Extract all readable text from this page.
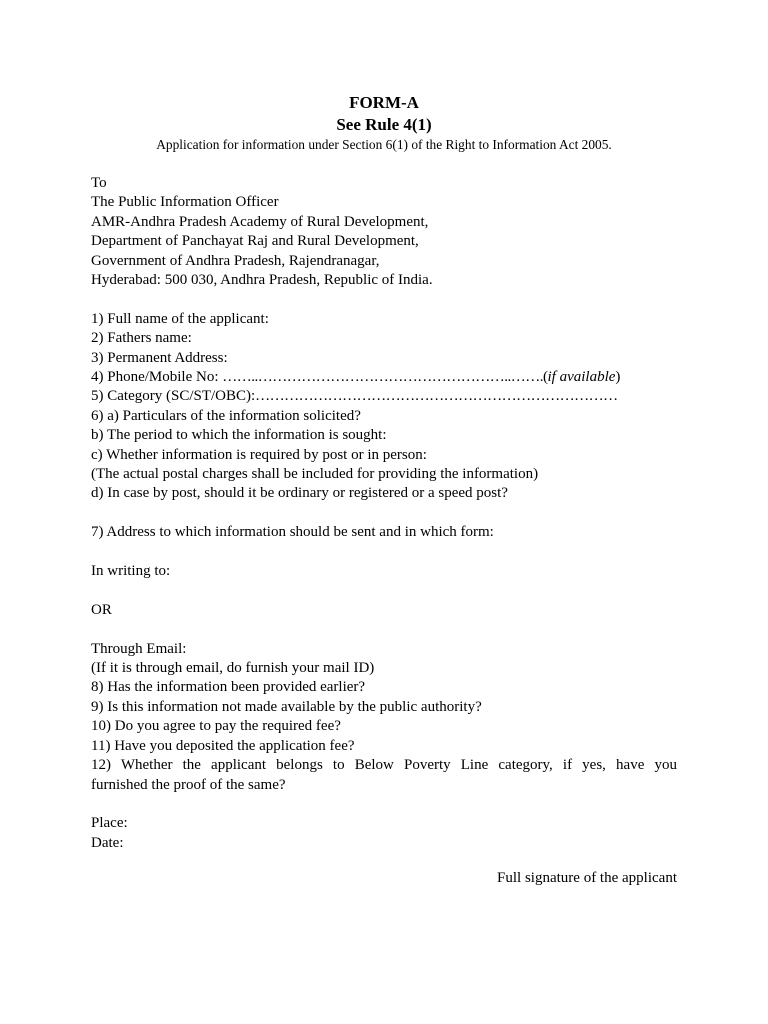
FORM-A
See Rule 4(1)
Application for information under Section 6(1) of the Right to Information Act 2005.
To
The Public Information Officer
AMR-Andhra Pradesh Academy of Rural Development,
Department of Panchayat Raj and Rural Development,
Government of Andhra Pradesh, Rajendranagar,
Hyderabad: 500 030, Andhra Pradesh, Republic of India.
1) Full name of the applicant:
2) Fathers name:
3) Permanent Address:
4) Phone/Mobile No: ……..……………………………………………..…….(if available)
5) Category (SC/ST/OBC):…………………………………………………………………
6) a) Particulars of the information solicited?
b) The period to which the information is sought:
c) Whether information is required by post or in person:
(The actual postal charges shall be included for providing the information)
d) In case by post, should it be ordinary or registered or a speed post?
7) Address to which information should be sent and in which form:
In writing to:
OR
Through Email:
(If it is through email, do furnish your mail ID)
8) Has the information been provided earlier?
9) Is this information not made available by the public authority?
10) Do you agree to pay the required fee?
11) Have you deposited the application fee?
12) Whether the applicant belongs to Below Poverty Line category, if yes, have you
furnished the proof of the same?
Place:
Date:
Full signature of the applicant
